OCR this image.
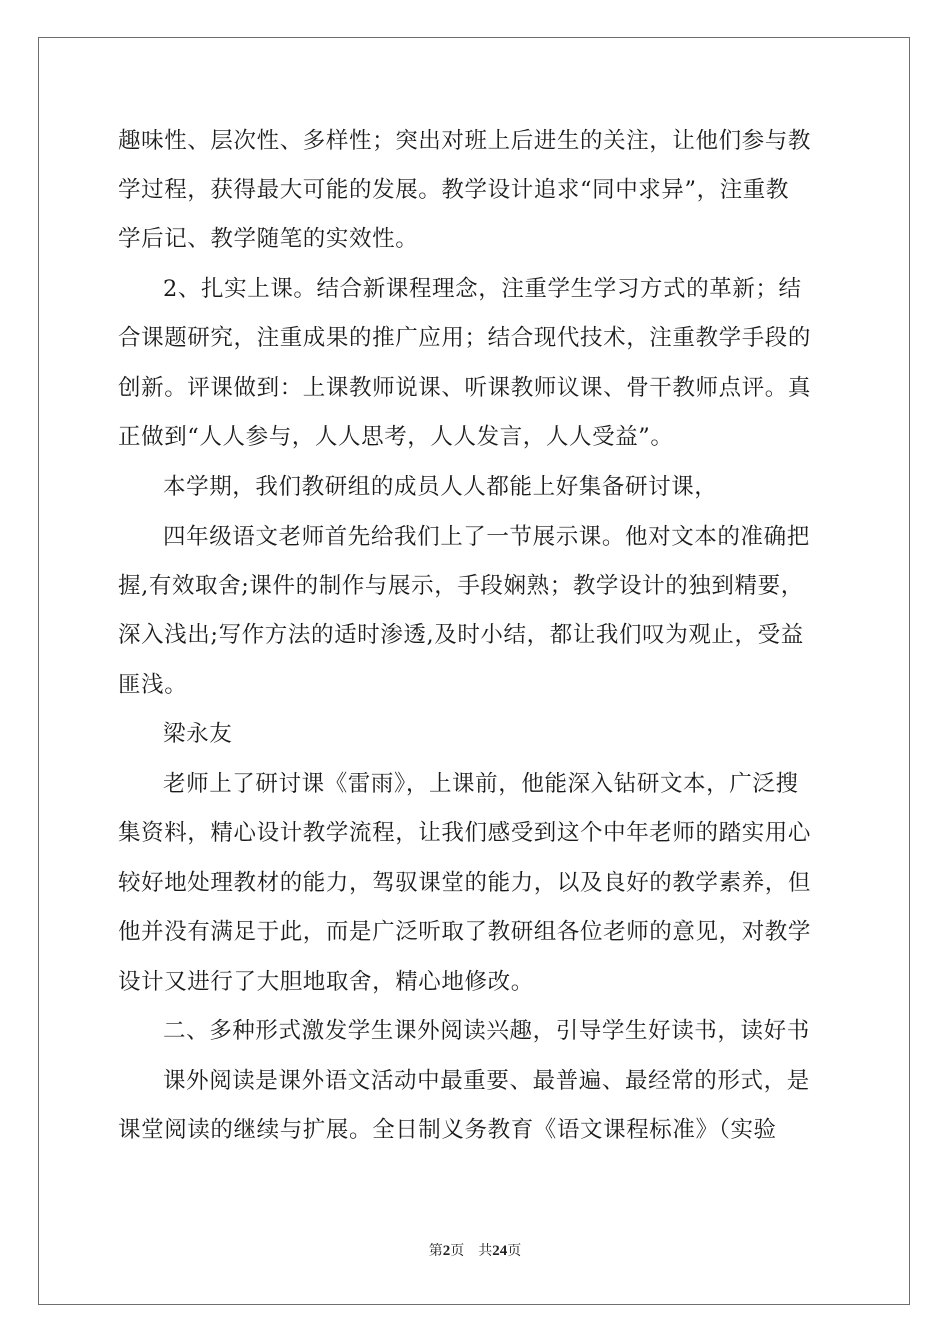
趣味性、层次性、多样性；突出对班上后进生的关注，让他们参与教
学过程，获得最大可能的发展。教学设计追求“同中求异”，注重教
学后记、教学随笔的实效性。
2、扎实上课。结合新课程理念，注重学生学习方式的革新；结
合课题研究，注重成果的推广应用；结合现代技术，注重教学手段的
创新。评课做到：上课教师说课、听课教师议课、骨干教师点评。真
正做到“人人参与，人人思考，人人发言，人人受益”。
本学期，我们教研组的成员人人都能上好集备研讨课，
四年级语文老师首先给我们上了一节展示课。他对文本的准确把
握,有效取舍;课件的制作与展示，手段娴熟；教学设计的独到精要，
深入浅出;写作方法的适时渗透,及时小结，都让我们叹为观止，受益
匪浅。
梁永友
老师上了研讨课《雷雨》，上课前，他能深入钻研文本，广泛搜
集资料，精心设计教学流程，让我们感受到这个中年老师的踏实用心
较好地处理教材的能力，驾驭课堂的能力，以及良好的教学素养，但
他并没有满足于此，而是广泛听取了教研组各位老师的意见，对教学
设计又进行了大胆地取舍，精心地修改。
二、多种形式激发学生课外阅读兴趣，引导学生好读书，读好书
课外阅读是课外语文活动中最重要、最普遍、最经常的形式，是
课堂阅读的继续与扩展。全日制义务教育《语文课程标准》（实验
第2页　共24页
